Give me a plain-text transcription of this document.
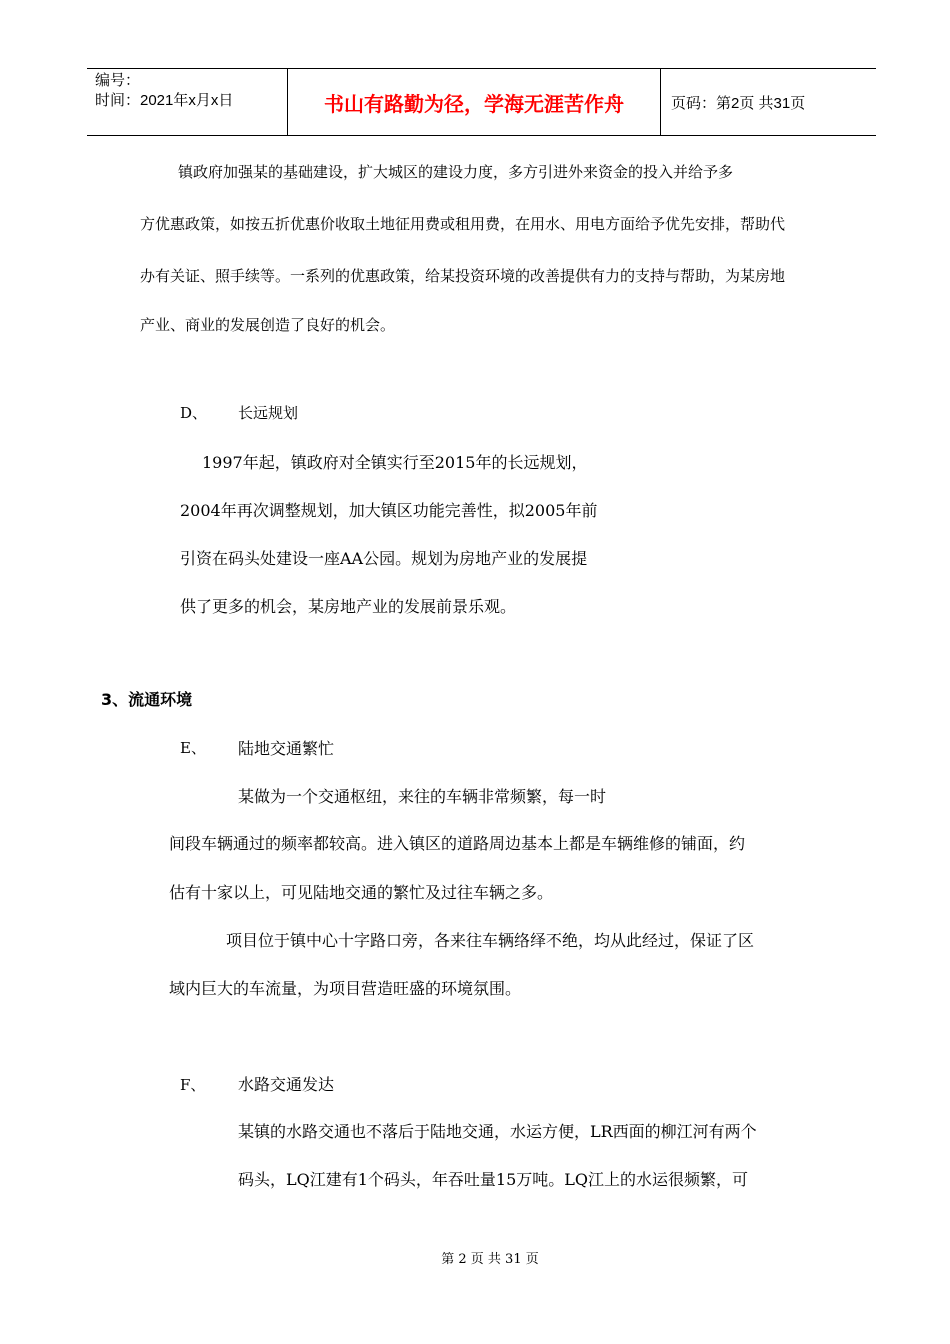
编号：
时间：2021年x月x日	书山有路勤为径，学海无涯苦作舟	页码：第2页 共31页
镇政府加强某的基础建设，扩大城区的建设力度，多方引进外来资金的投入并给予多
方优惠政策，如按五折优惠价收取土地征用费或租用费，在用水、用电方面给予优先安排，帮助代
办有关证、照手续等。一系列的优惠政策，给某投资环境的改善提供有力的支持与帮助，为某房地
产业、商业的发展创造了良好的机会。
D、 长远规划
1997年起，镇政府对全镇实行至2015年的长远规划，
2004年再次调整规划，加大镇区功能完善性，拟2005年前
引资在码头处建设一座AA公园。规划为房地产业的发展提
供了更多的机会，某房地产业的发展前景乐观。
3、流通环境
E、 陆地交通繁忙
某做为一个交通枢纽，来往的车辆非常频繁，每一时
间段车辆通过的频率都较高。进入镇区的道路周边基本上都是车辆维修的铺面，约
估有十家以上，可见陆地交通的繁忙及过往车辆之多。
项目位于镇中心十字路口旁，各来往车辆络绎不绝，均从此经过，保证了区
域内巨大的车流量，为项目营造旺盛的环境氛围。
F、 水路交通发达
某镇的水路交通也不落后于陆地交通，水运方便，LR西面的柳江河有两个
码头，LQ江建有1个码头，年吞吐量15万吨。LQ江上的水运很频繁，可
第 2 页 共 31 页
